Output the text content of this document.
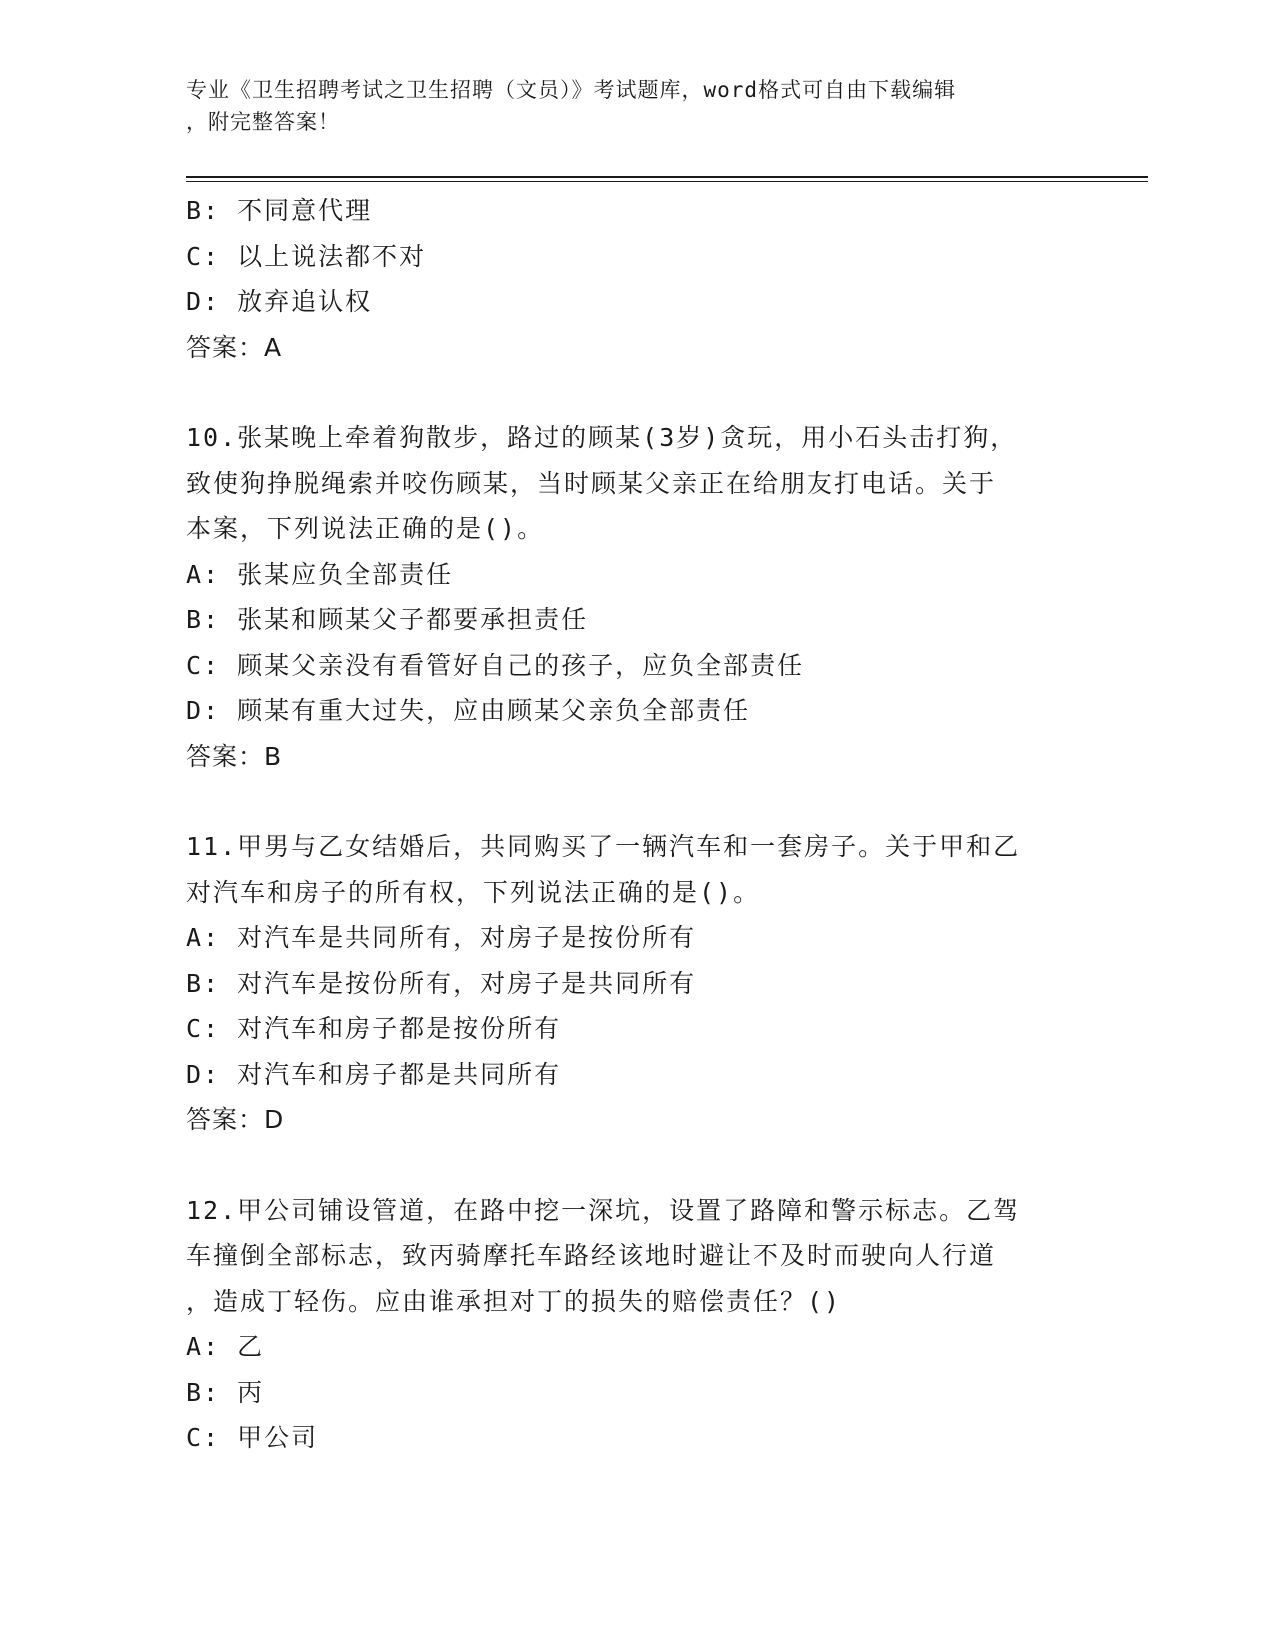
专业《卫生招聘考试之卫生招聘（文员）》考试题库，word格式可自由下载编辑
，附完整答案！
B: 不同意代理
C: 以上说法都不对
D: 放弃追认权
答案：A
10.张某晚上牵着狗散步，路过的顾某(3岁)贪玩，用小石头击打狗，
致使狗挣脱绳索并咬伤顾某，当时顾某父亲正在给朋友打电话。关于
本案，下列说法正确的是()。
A: 张某应负全部责任
B: 张某和顾某父子都要承担责任
C: 顾某父亲没有看管好自己的孩子，应负全部责任
D: 顾某有重大过失，应由顾某父亲负全部责任
答案：B
11.甲男与乙女结婚后，共同购买了一辆汽车和一套房子。关于甲和乙
对汽车和房子的所有权，下列说法正确的是()。
A: 对汽车是共同所有，对房子是按份所有
B: 对汽车是按份所有，对房子是共同所有
C: 对汽车和房子都是按份所有
D: 对汽车和房子都是共同所有
答案：D
12.甲公司铺设管道，在路中挖一深坑，设置了路障和警示标志。乙驾
车撞倒全部标志，致丙骑摩托车路经该地时避让不及时而驶向人行道
，造成丁轻伤。应由谁承担对丁的损失的赔偿责任？()
A: 乙
B: 丙
C: 甲公司
